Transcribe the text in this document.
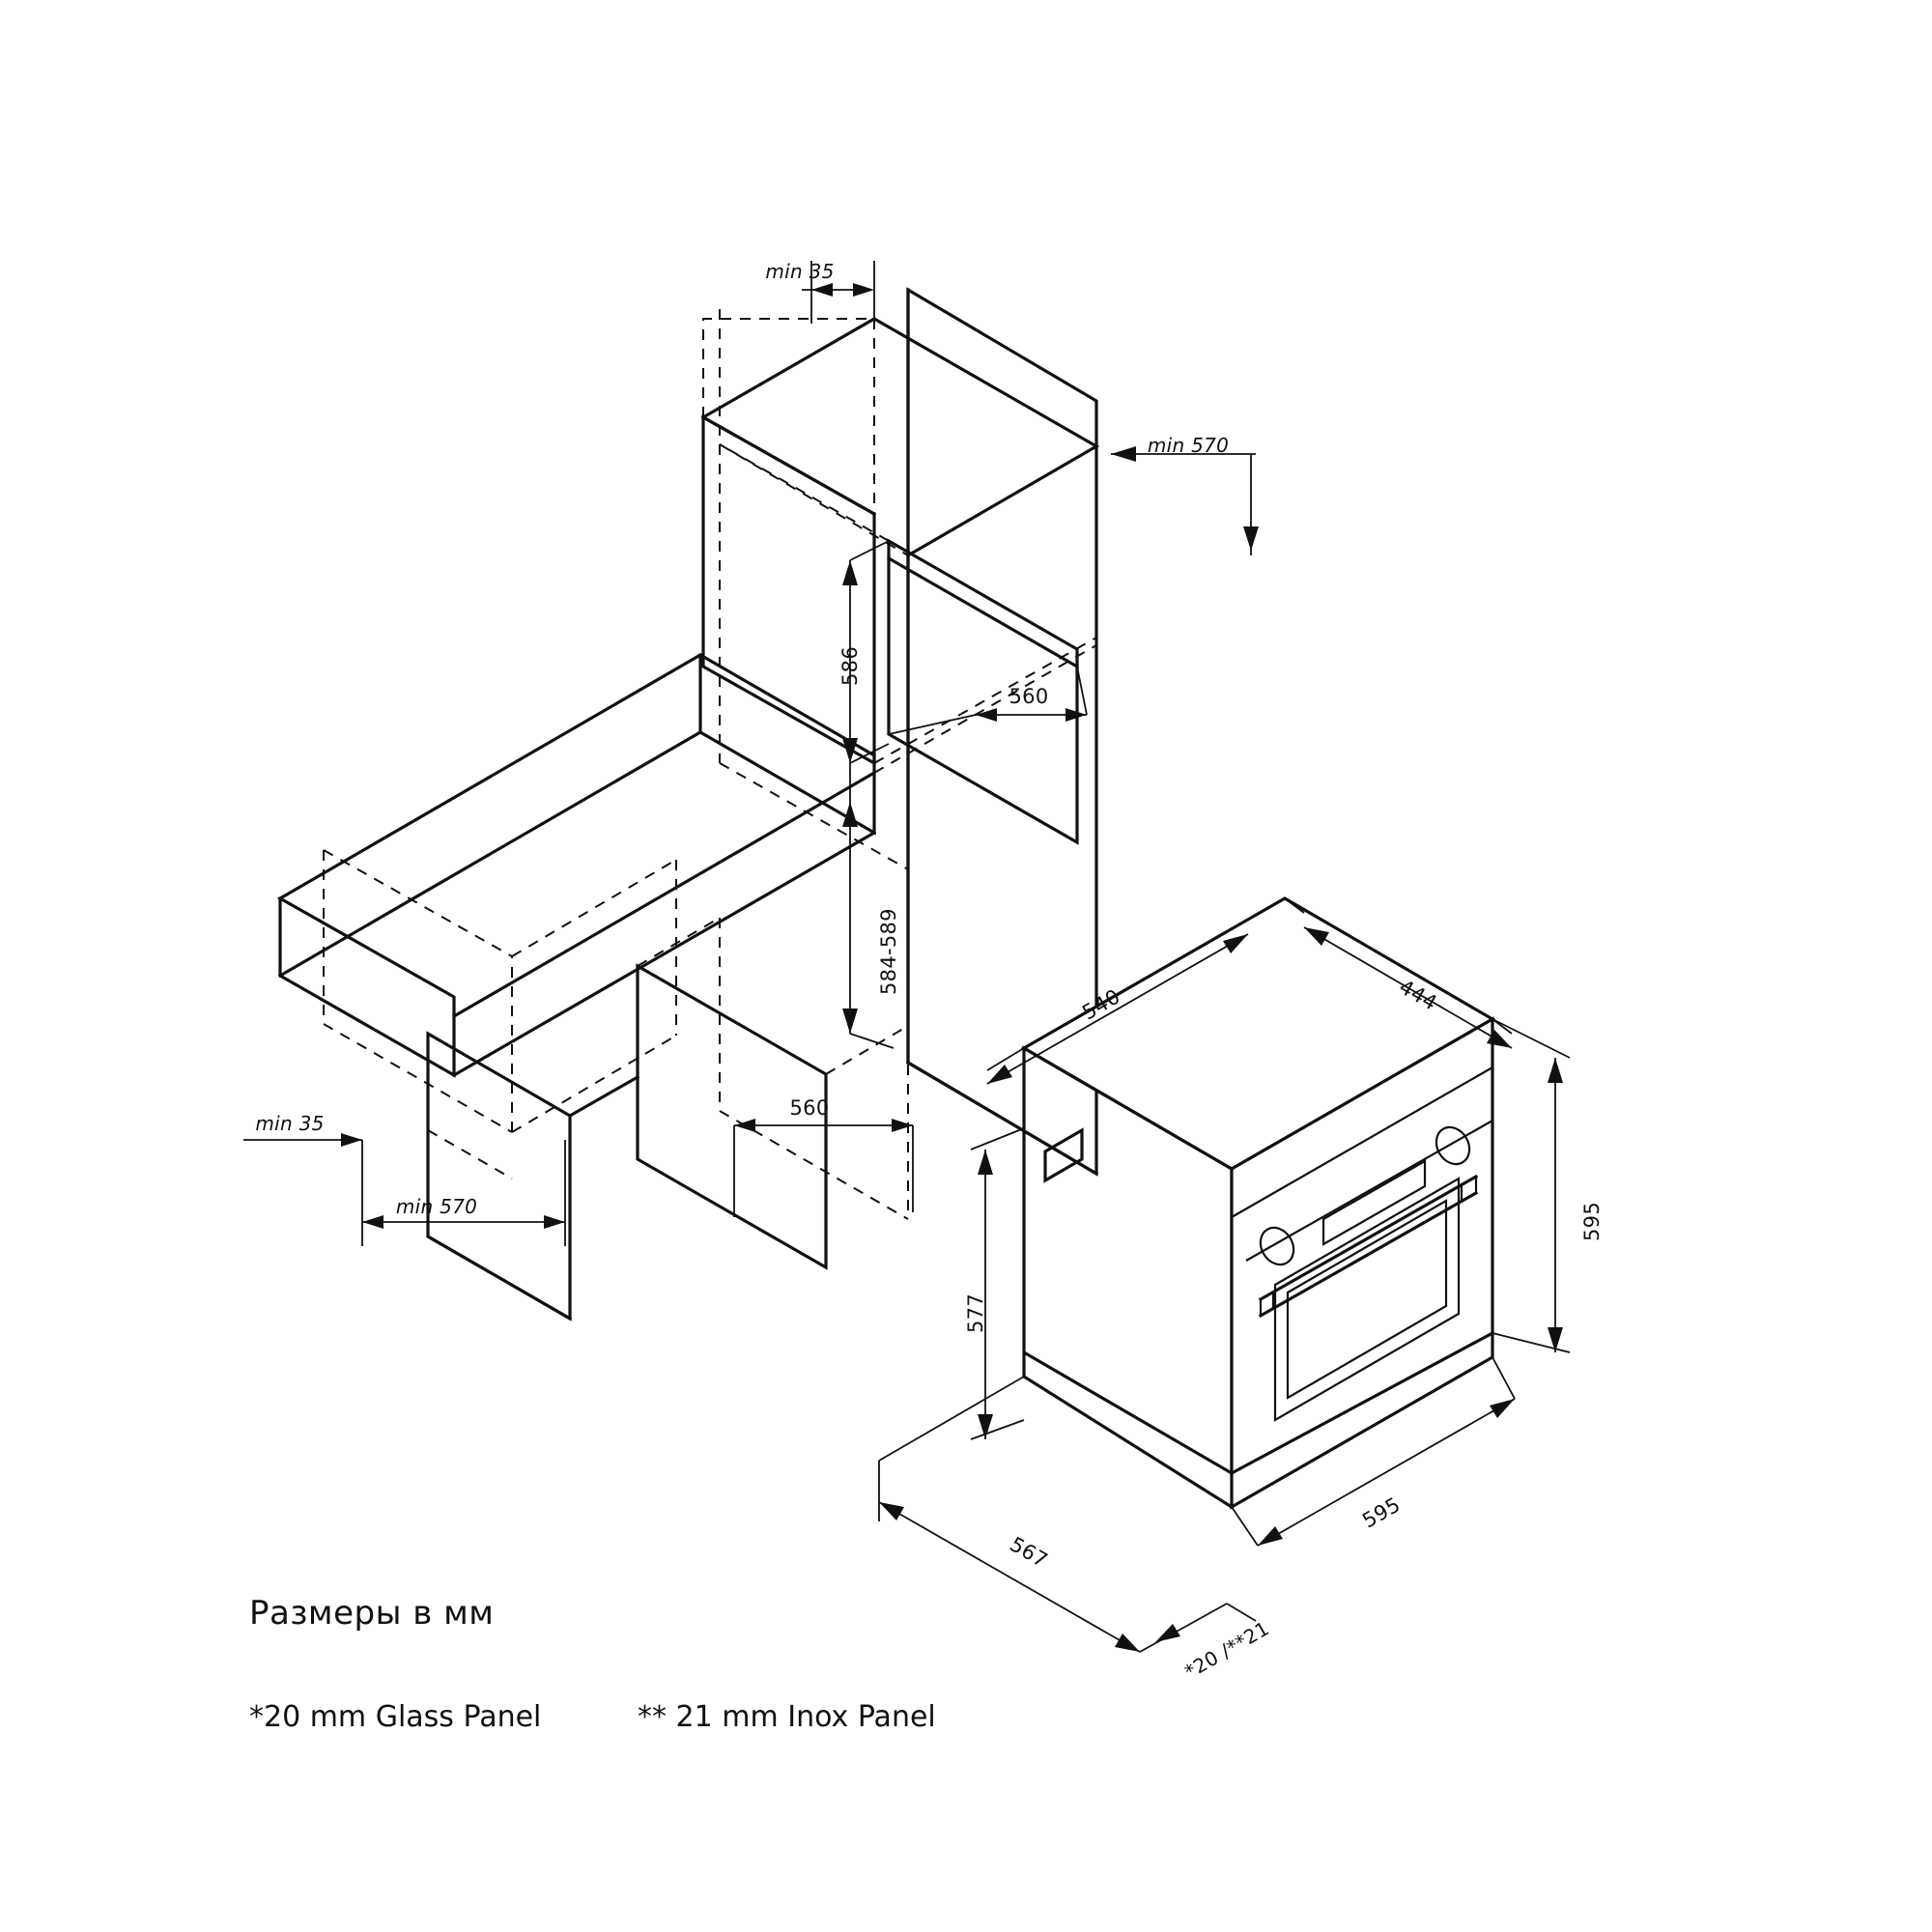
min 35
min 570
586
560
584-589
560
min 35
min 570
540	444
595
577
595
567
*20 /**21
Размеры в мм
*20 mm Glass Panel	** 21 mm Inox Panel
